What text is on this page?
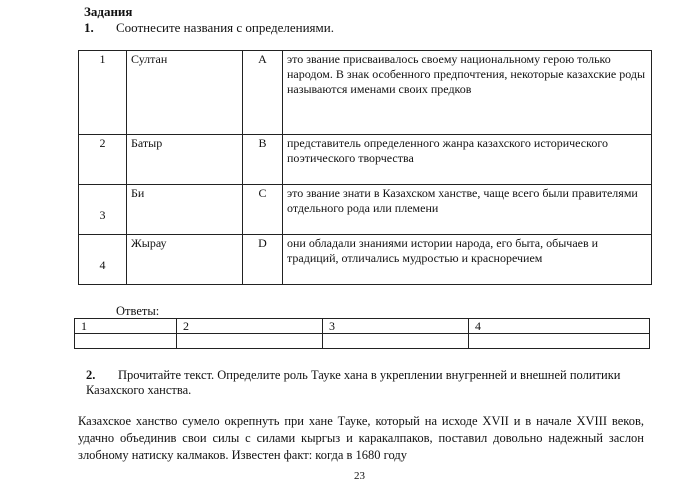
Задания
1. Соотнесите названия с определениями.
1	Султан	A	это звание присваивалось своему национальному герою только народом. В знак особенного предпочтения, некоторые казахские роды называются именами своих предков
2	Батыр	B	представитель определенного жанра казахского исторического поэтического творчества
3	Би	C	это звание знати в Казахском ханстве, чаще всего были правителями отдельного рода или племени
4	Жырау	D	они обладали знаниями истории народа, его быта, обычаев и традиций, отличались мудростью и красноречием
Ответы:
1	2	3	4

2. Прочитайте текст. Определите роль Тауке хана в укреплении внугренней и внешней политики Казахского ханства.
Казахское ханство сумело окрепнуть при хане Тауке, который на исходе XVII и в начале XVIII веков, удачно объединив свои силы с силами кыргыз и каракалпаков, поставил довольно надежный заслон злобному натиску калмаков. Известен факт: когда в 1680 году
23
